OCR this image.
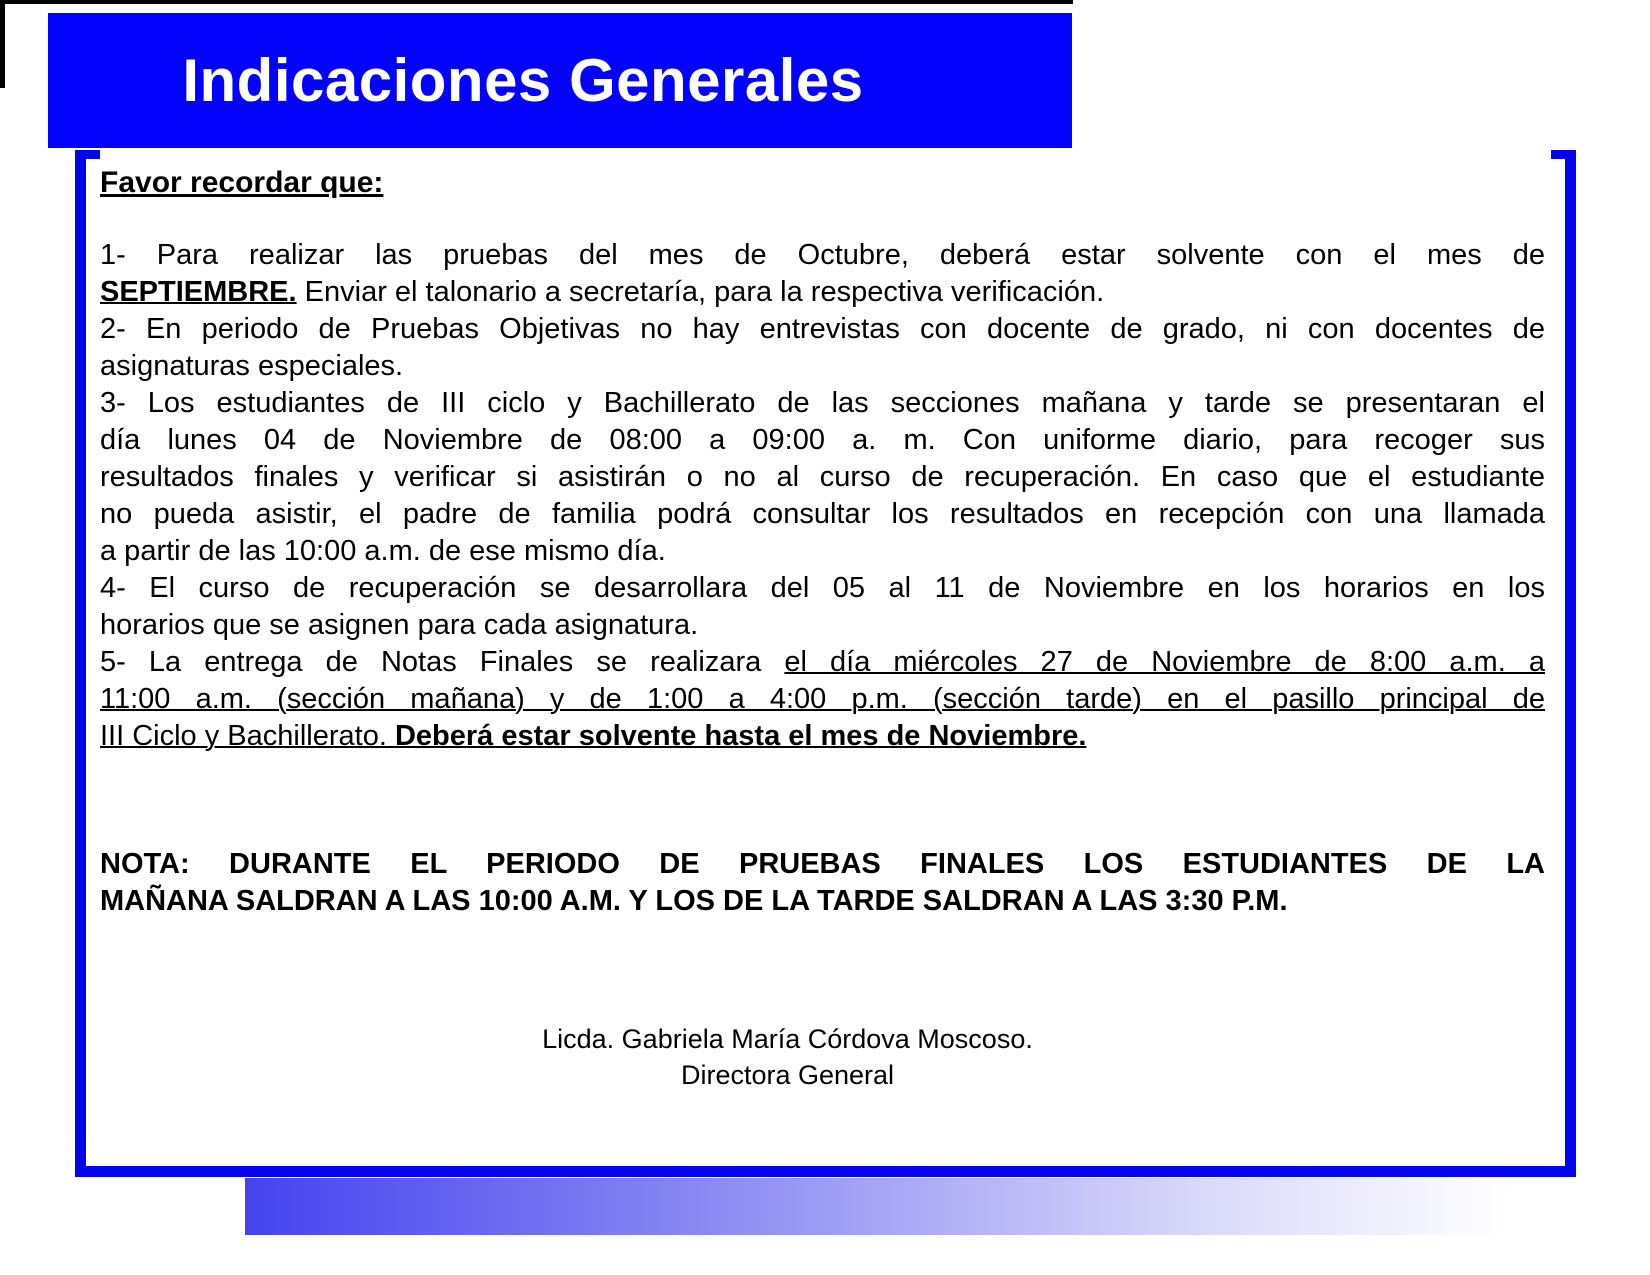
Indicaciones Generales
Favor recordar que:

1- Para realizar las pruebas del mes de Octubre, deberá estar solvente con el mes de
SEPTIEMBRE. Enviar el talonario a secretaría, para la respectiva verificación.

2- En periodo de Pruebas Objetivas no hay entrevistas con docente de grado, ni con docentes de
asignaturas especiales.

3- Los estudiantes de III ciclo y Bachillerato de las secciones mañana y tarde se presentaran el
día lunes 04 de Noviembre de 08:00 a 09:00 a. m. Con uniforme diario, para recoger sus
resultados finales y verificar si asistirán o no al curso de recuperación. En caso que el estudiante
no pueda asistir, el padre de familia podrá consultar los resultados en recepción con una llamada
a partir de las 10:00 a.m. de ese mismo día.

4- El curso de recuperación se desarrollara del 05 al 11 de Noviembre en los horarios en los
horarios que se asignen para cada asignatura.

5- La entrega de Notas Finales se realizara el día miércoles 27 de Noviembre de 8:00 a.m. a
11:00 a.m. (sección mañana) y de 1:00 a 4:00 p.m. (sección tarde) en el pasillo principal de
III Ciclo y Bachillerato. Deberá estar solvente hasta el mes de Noviembre.

NOTA: DURANTE EL PERIODO DE PRUEBAS FINALES LOS ESTUDIANTES DE LA
MAÑANA SALDRAN A LAS 10:00 A.M. Y LOS DE LA TARDE SALDRAN A LAS 3:30 P.M.
Licda. Gabriela María Córdova Moscoso.
Directora General
